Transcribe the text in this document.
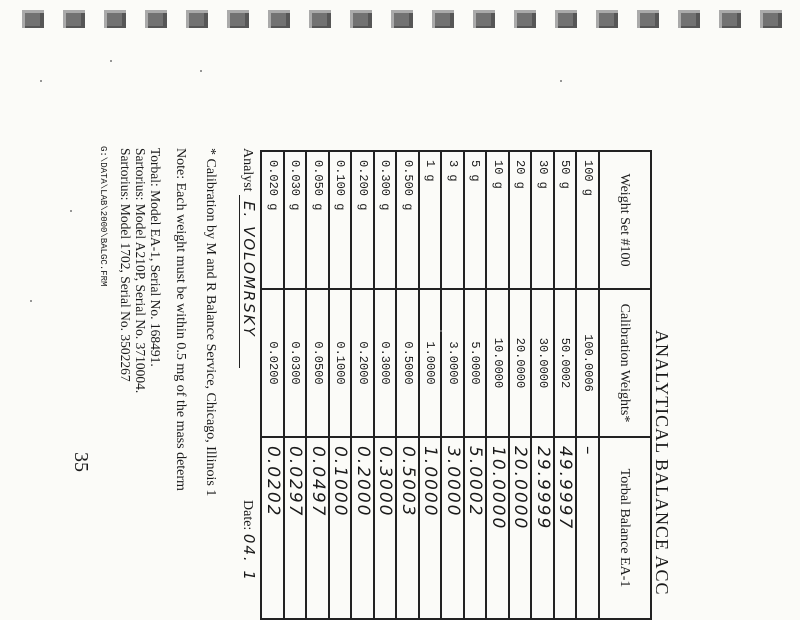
ANALYTICAL BALANCE ACC
Weight Set #100	Calibration Weights*	Torbal Balance EA-1
100 g	100.0006	–
50 g	50.0002	49.9997
30 g	30.0000	29.9999
20 g	20.0000	20.0000
10 g	10.0000	10.0000
5 g	5.0000	5.0002
3 g	3.0000	3.0000
1 g	1.0000	1.0000
0.500 g	0.5000	0.5003
0.300 g	0.3000	0.3000
0.200 g	0.2000	0.2000
0.100 g	0.1000	0.1000
0.050 g	0.0500	0.0497
0.030 g	0.0300	0.0297
0.020 g	0.0200	0.0202
Analyst E. VOLOMRSKY
Date: 04. 1
* Calibration by M and R Balance Service, Chicago, Illinois 1
Note: Each weight must be within 0.5 mg of the mass determ
Torbal: Model EA-1, Serial No. 168491.
Sartorius: Model A210P, Serial No. 3710004.
Sartorius: Model 1702, Serial No. 3502267
G:\DATA\LAB\2000\BALGC.FRM
35
